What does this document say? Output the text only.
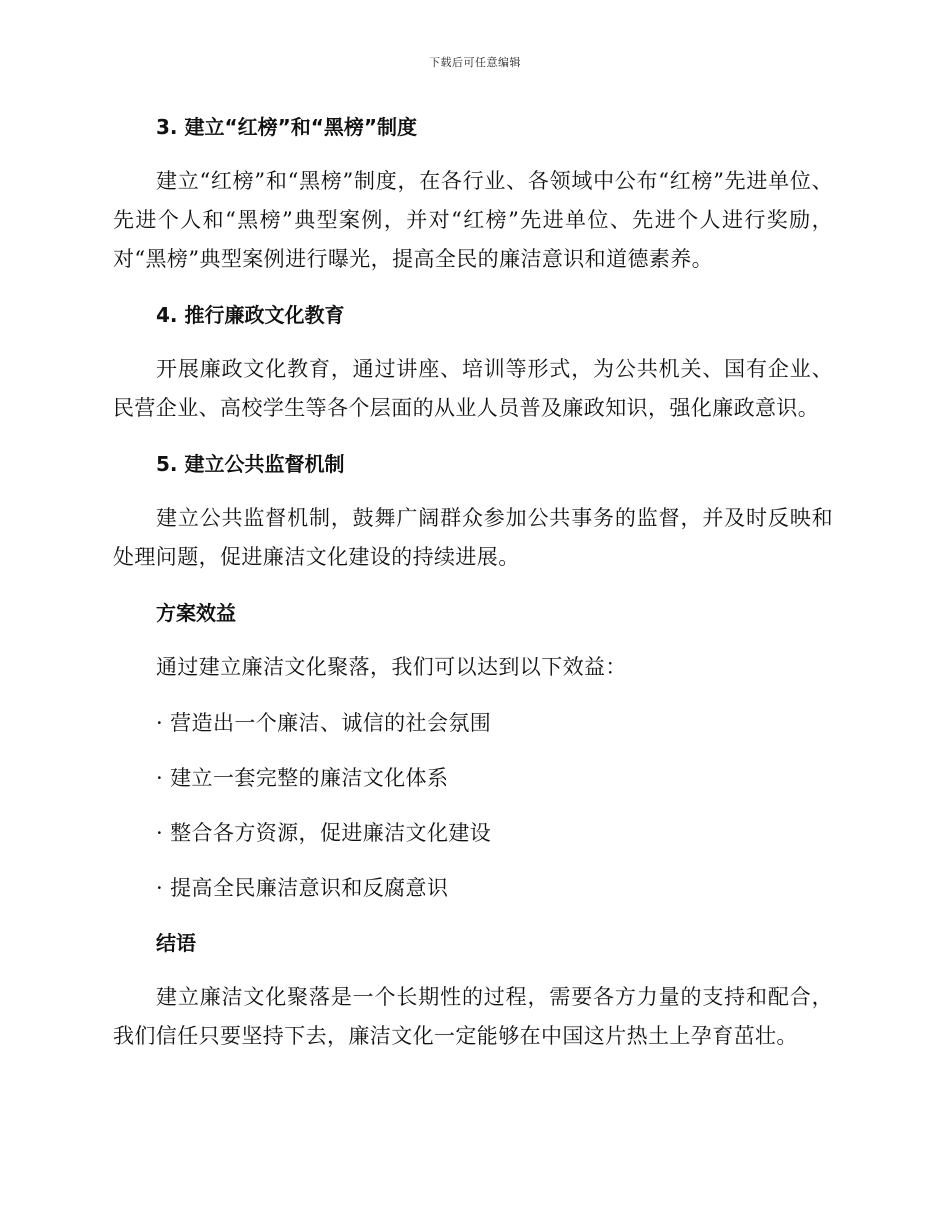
下载后可任意编辑
3. 建立“红榜”和“黑榜”制度

建立“红榜”和“黑榜”制度，在各行业、各领域中公布“红榜”先进单位、先进个人和“黑榜”典型案例，并对“红榜”先进单位、先进个人进行奖励，对“黑榜”典型案例进行曝光，提高全民的廉洁意识和道德素养。

4. 推行廉政文化教育

开展廉政文化教育，通过讲座、培训等形式，为公共机关、国有企业、民营企业、高校学生等各个层面的从业人员普及廉政知识，强化廉政意识。

5. 建立公共监督机制

建立公共监督机制，鼓舞广阔群众参加公共事务的监督，并及时反映和处理问题，促进廉洁文化建设的持续进展。

方案效益

通过建立廉洁文化聚落，我们可以达到以下效益：

· 营造出一个廉洁、诚信的社会氛围
· 建立一套完整的廉洁文化体系
· 整合各方资源，促进廉洁文化建设
· 提高全民廉洁意识和反腐意识
结语

建立廉洁文化聚落是一个长期性的过程，需要各方力量的支持和配合，我们信任只要坚持下去，廉洁文化一定能够在中国这片热土上孕育茁壮。
